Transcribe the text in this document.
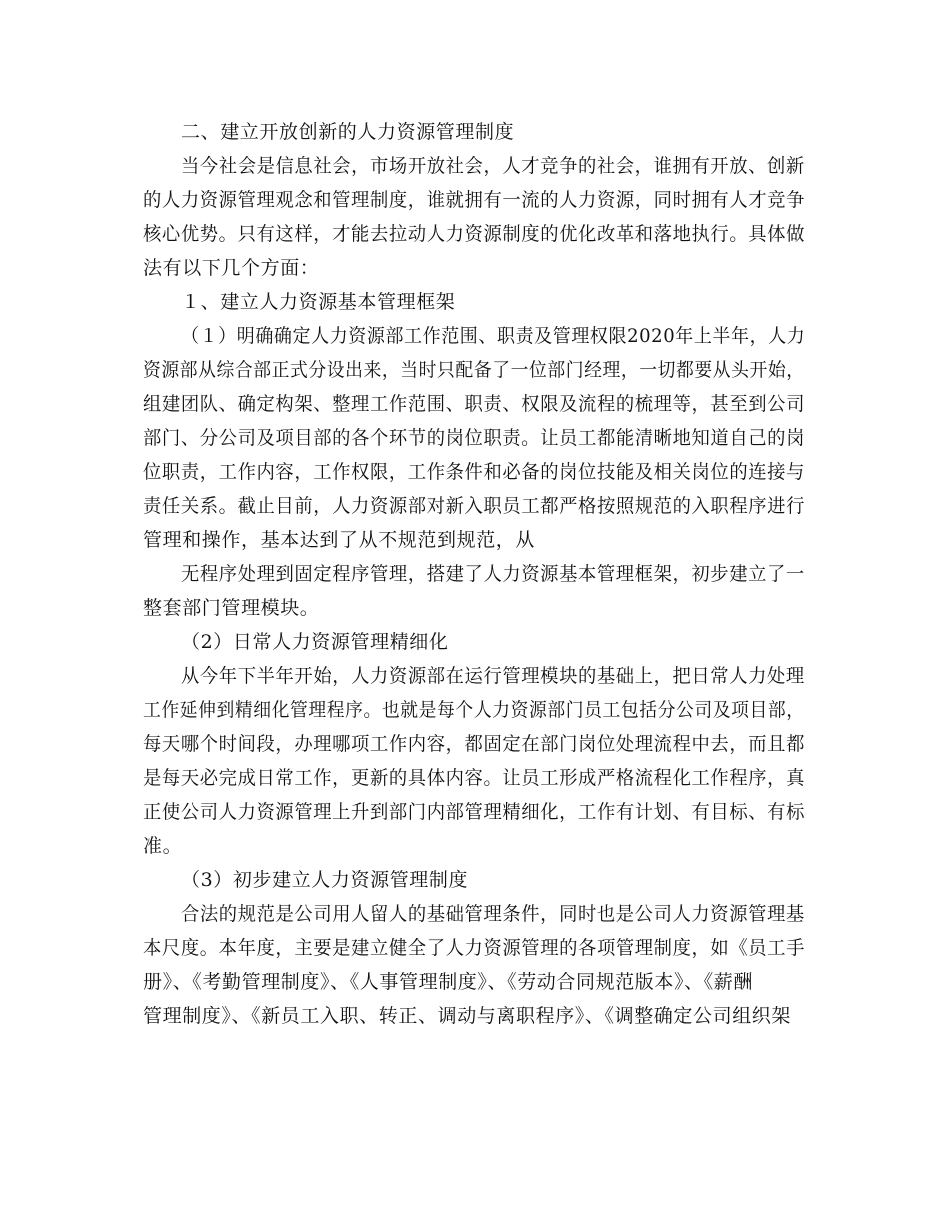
二、建立开放创新的人力资源管理制度
当今社会是信息社会，市场开放社会，人才竞争的社会，谁拥有开放、创新
的人力资源管理观念和管理制度，谁就拥有一流的人力资源，同时拥有人才竞争
核心优势。只有这样，才能去拉动人力资源制度的优化改革和落地执行。具体做
法有以下几个方面：
１、建立人力资源基本管理框架
（１）明确确定人力资源部工作范围、职责及管理权限2020年上半年，人力
资源部从综合部正式分设出来，当时只配备了一位部门经理，一切都要从头开始，
组建团队、确定构架、整理工作范围、职责、权限及流程的梳理等，甚至到公司
部门、分公司及项目部的各个环节的岗位职责。让员工都能清晰地知道自己的岗
位职责，工作内容，工作权限，工作条件和必备的岗位技能及相关岗位的连接与
责任关系。截止目前，人力资源部对新入职员工都严格按照规范的入职程序进行
管理和操作，基本达到了从不规范到规范，从
无程序处理到固定程序管理，搭建了人力资源基本管理框架，初步建立了一
整套部门管理模块。
（2）日常人力资源管理精细化
从今年下半年开始，人力资源部在运行管理模块的基础上，把日常人力处理
工作延伸到精细化管理程序。也就是每个人力资源部门员工包括分公司及项目部，
每天哪个时间段，办理哪项工作内容，都固定在部门岗位处理流程中去，而且都
是每天必完成日常工作，更新的具体内容。让员工形成严格流程化工作程序，真
正使公司人力资源管理上升到部门内部管理精细化，工作有计划、有目标、有标
准。
（3）初步建立人力资源管理制度
合法的规范是公司用人留人的基础管理条件，同时也是公司人力资源管理基
本尺度。本年度，主要是建立健全了人力资源管理的各项管理制度，如《员工手
册》、《考勤管理制度》、《人事管理制度》、《劳动合同规范版本》、《薪酬
管理制度》、《新员工入职、转正、调动与离职程序》、《调整确定公司组织架
